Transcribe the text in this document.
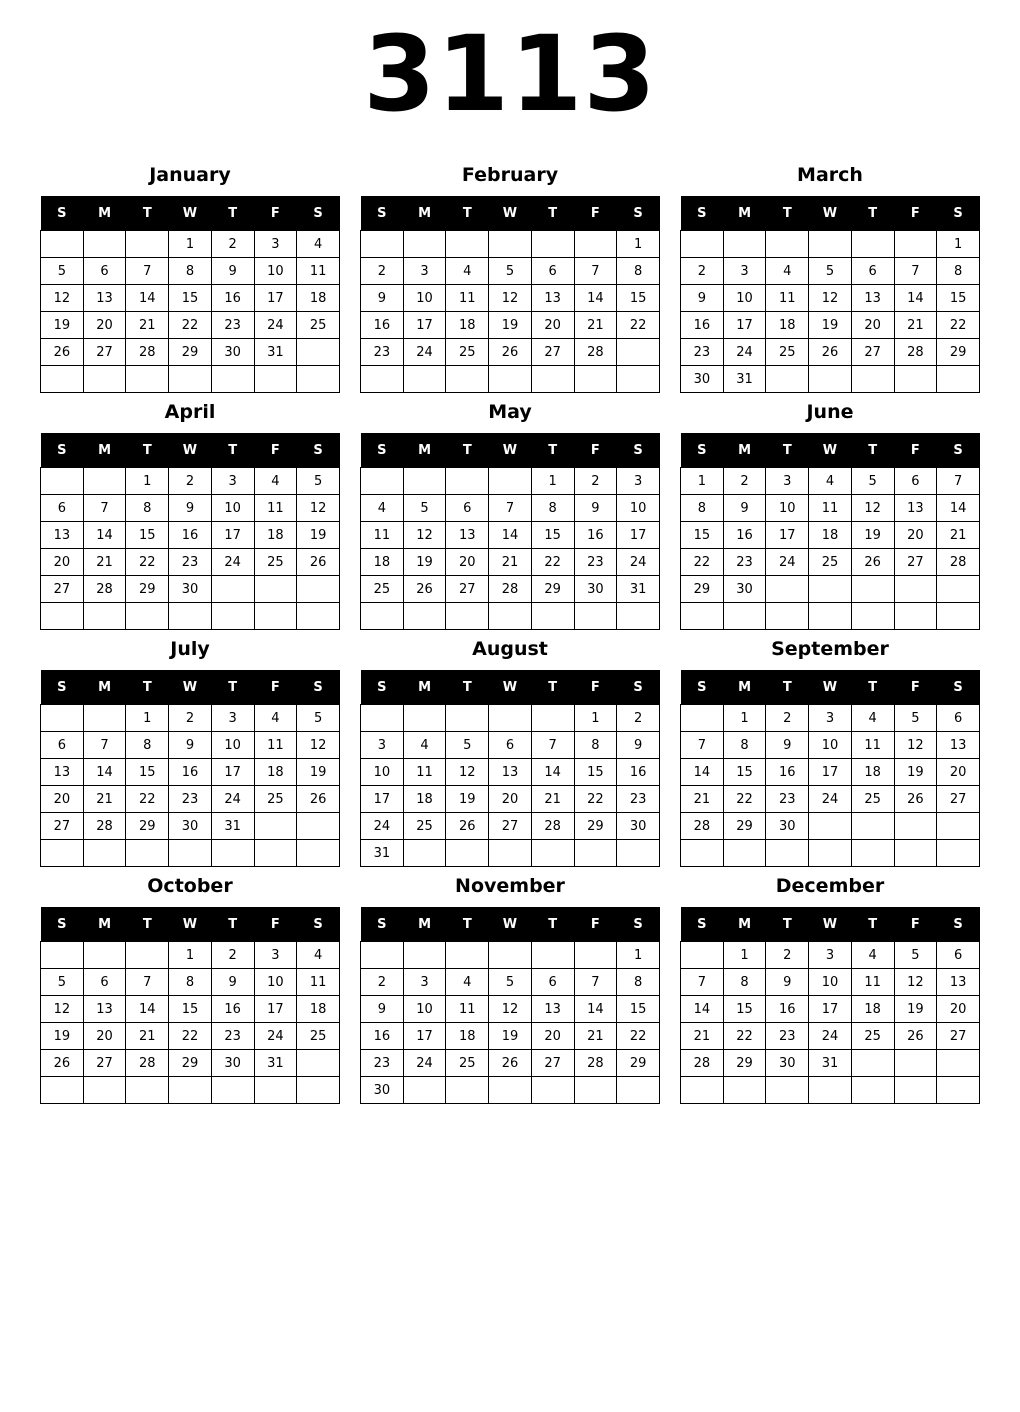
3113
January
S	M	T	W	T	F	S
			1	2	3	4
5	6	7	8	9	10	11
12	13	14	15	16	17	18
19	20	21	22	23	24	25
26	27	28	29	30	31	

February
S	M	T	W	T	F	S
						1
2	3	4	5	6	7	8
9	10	11	12	13	14	15
16	17	18	19	20	21	22
23	24	25	26	27	28	

March
S	M	T	W	T	F	S
						1
2	3	4	5	6	7	8
9	10	11	12	13	14	15
16	17	18	19	20	21	22
23	24	25	26	27	28	29
30	31					
April
S	M	T	W	T	F	S
		1	2	3	4	5
6	7	8	9	10	11	12
13	14	15	16	17	18	19
20	21	22	23	24	25	26
27	28	29	30			

May
S	M	T	W	T	F	S
				1	2	3
4	5	6	7	8	9	10
11	12	13	14	15	16	17
18	19	20	21	22	23	24
25	26	27	28	29	30	31

June
S	M	T	W	T	F	S
1	2	3	4	5	6	7
8	9	10	11	12	13	14
15	16	17	18	19	20	21
22	23	24	25	26	27	28
29	30					

July
S	M	T	W	T	F	S
		1	2	3	4	5
6	7	8	9	10	11	12
13	14	15	16	17	18	19
20	21	22	23	24	25	26
27	28	29	30	31		

August
S	M	T	W	T	F	S
					1	2
3	4	5	6	7	8	9
10	11	12	13	14	15	16
17	18	19	20	21	22	23
24	25	26	27	28	29	30
31						
September
S	M	T	W	T	F	S
	1	2	3	4	5	6
7	8	9	10	11	12	13
14	15	16	17	18	19	20
21	22	23	24	25	26	27
28	29	30				

October
S	M	T	W	T	F	S
			1	2	3	4
5	6	7	8	9	10	11
12	13	14	15	16	17	18
19	20	21	22	23	24	25
26	27	28	29	30	31	

November
S	M	T	W	T	F	S
						1
2	3	4	5	6	7	8
9	10	11	12	13	14	15
16	17	18	19	20	21	22
23	24	25	26	27	28	29
30						
December
S	M	T	W	T	F	S
	1	2	3	4	5	6
7	8	9	10	11	12	13
14	15	16	17	18	19	20
21	22	23	24	25	26	27
28	29	30	31			
